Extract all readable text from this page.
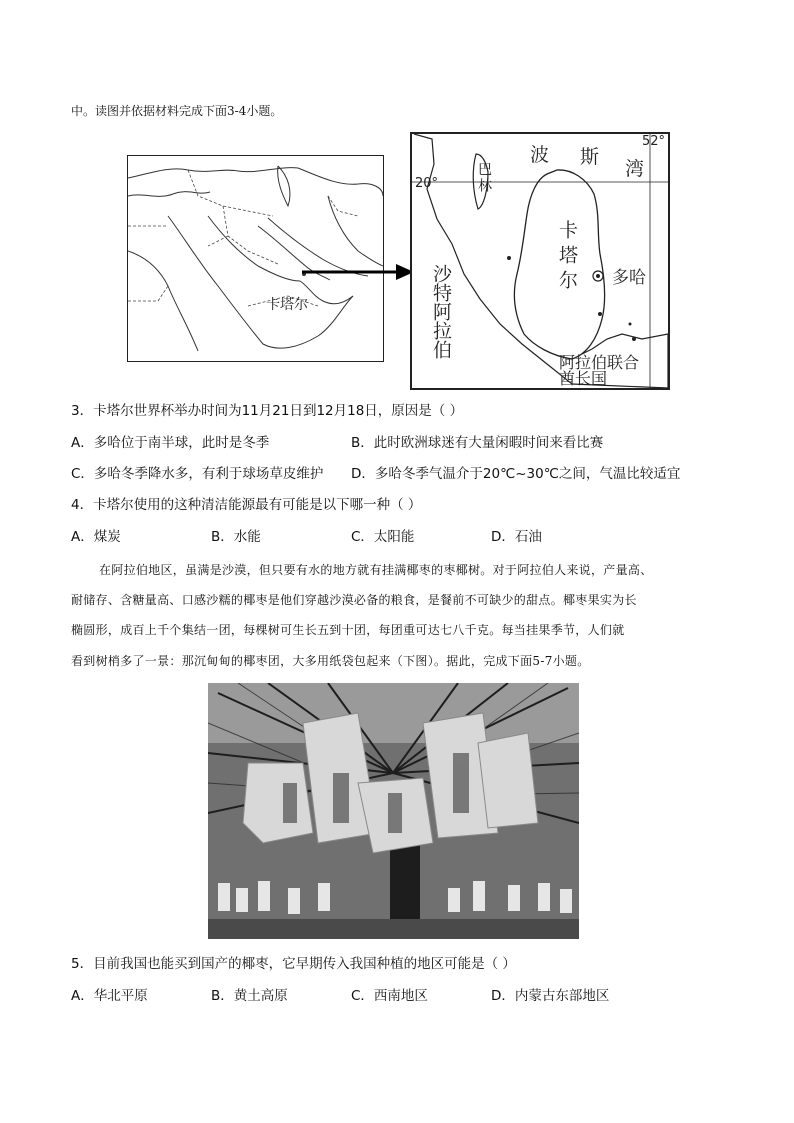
中。读图并依据材料完成下面3-4小题。
卡塔尔
20°
52°
波 斯
湾
巴林
卡塔尔
沙特阿拉伯	多哈
阿拉伯联合酋长国
3．卡塔尔世界杯举办时间为11月21日到12月18日，原因是（ ）
A．多哈位于南半球，此时是冬季	B．此时欧洲球迷有大量闲暇时间来看比赛
C．多哈冬季降水多，有利于球场草皮维护 D．多哈冬季气温介于20℃~30℃之间，气温比较适宜
4．卡塔尔使用的这种清洁能源最有可能是以下哪一种（ ）
A．煤炭	B．水能	C．太阳能	D．石油
在阿拉伯地区，虽满是沙漠，但只要有水的地方就有挂满椰枣的枣椰树。对于阿拉伯人来说，产量高、
耐储存、含糖量高、口感沙糯的椰枣是他们穿越沙漠必备的粮食，是餐前不可缺少的甜点。椰枣果实为长
椭圆形，成百上千个集结一团，每棵树可生长五到十团，每团重可达七八千克。每当挂果季节，人们就
看到树梢多了一景：那沉甸甸的椰枣团，大多用纸袋包起来（下图）。据此，完成下面5-7小题。
5．目前我国也能买到国产的椰枣，它早期传入我国种植的地区可能是（ ）
A．华北平原	B．黄土高原	C．西南地区	D．内蒙古东部地区
